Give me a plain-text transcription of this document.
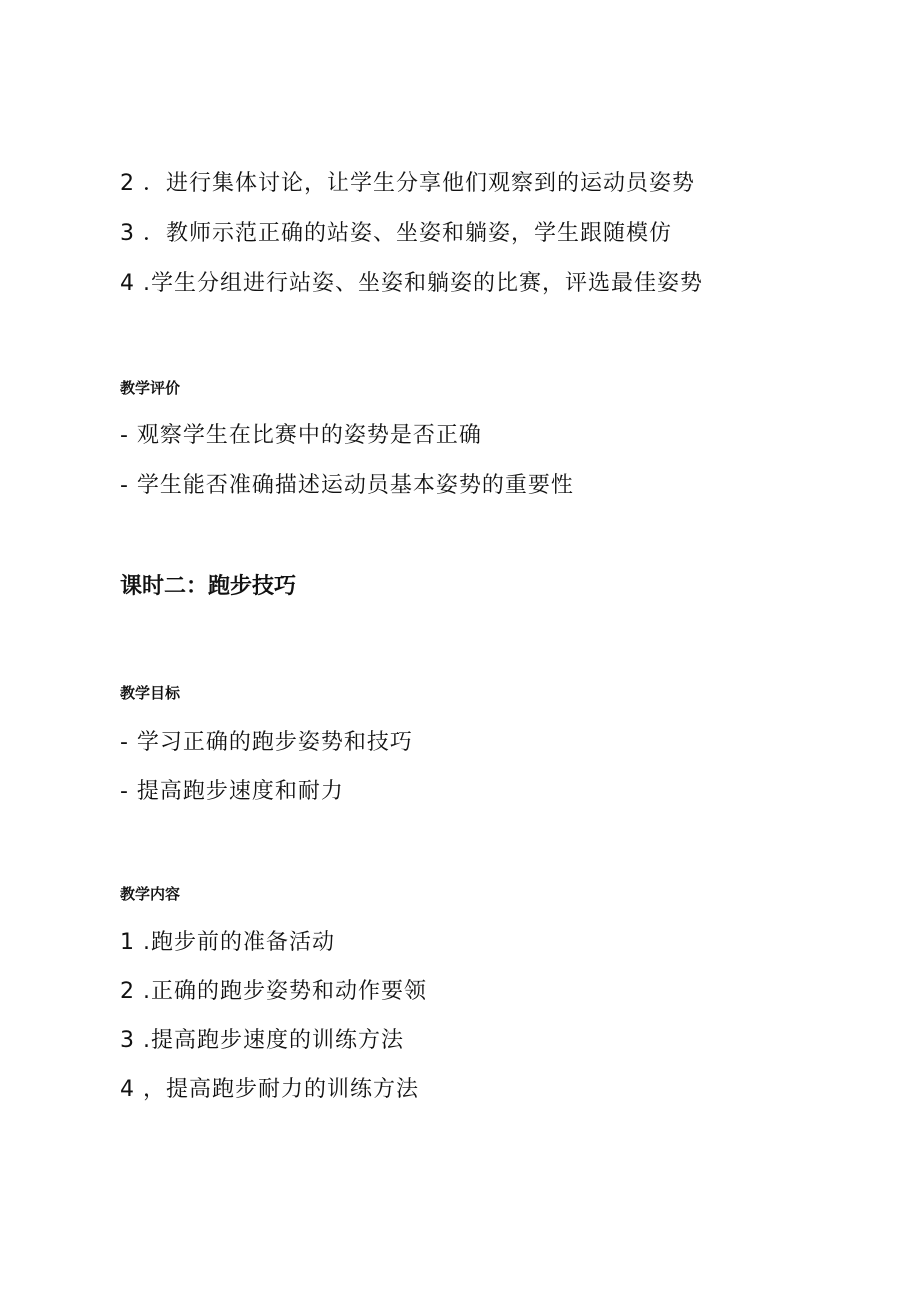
2 ．进行集体讨论，让学生分享他们观察到的运动员姿势
3 ．教师示范正确的站姿、坐姿和躺姿，学生跟随模仿
4 .学生分组进行站姿、坐姿和躺姿的比赛，评选最佳姿势
教学评价
- 观察学生在比赛中的姿势是否正确
- 学生能否准确描述运动员基本姿势的重要性
课时二：跑步技巧
教学目标
- 学习正确的跑步姿势和技巧
- 提高跑步速度和耐力
教学内容
1 .跑步前的准备活动
2 .正确的跑步姿势和动作要领
3 .提高跑步速度的训练方法
4 ，提高跑步耐力的训练方法
